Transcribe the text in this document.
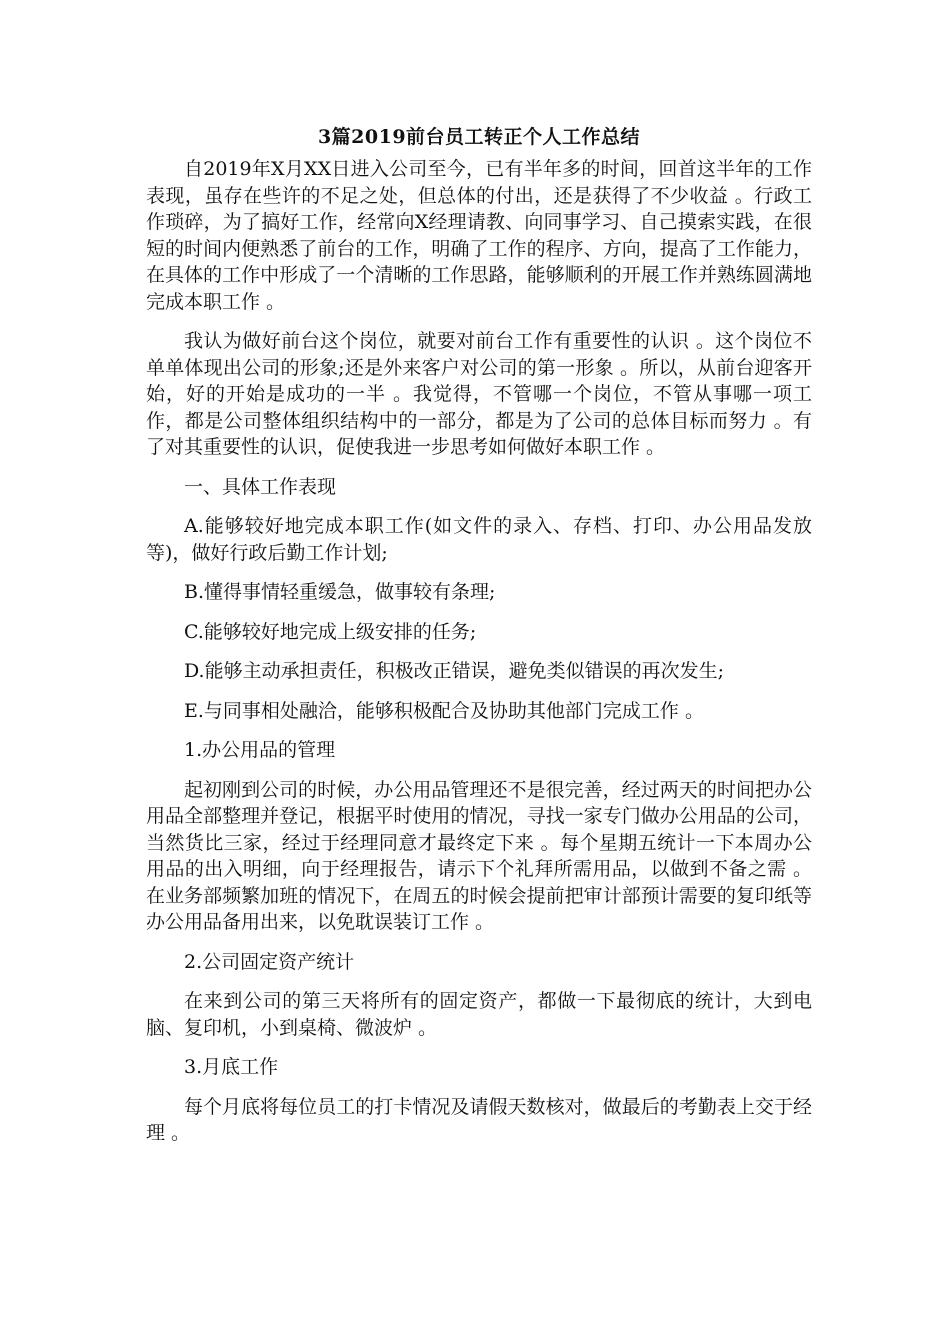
3篇2019前台员工转正个人工作总结

自2019年X月XX日进入公司至今，已有半年多的时间，回首这半年的工作表现，虽存在些许的不足之处，但总体的付出，还是获得了不少收益 。行政工作琐碎，为了搞好工作，经常向X经理请教、向同事学习、自己摸索实践，在很短的时间内便熟悉了前台的工作，明确了工作的程序、方向，提高了工作能力，在具体的工作中形成了一个清晰的工作思路，能够顺利的开展工作并熟练圆满地完成本职工作 。

我认为做好前台这个岗位，就要对前台工作有重要性的认识 。这个岗位不单单体现出公司的形象;还是外来客户对公司的第一形象 。所以，从前台迎客开始，好的开始是成功的一半 。我觉得，不管哪一个岗位，不管从事哪一项工作，都是公司整体组织结构中的一部分，都是为了公司的总体目标而努力 。有了对其重要性的认识，促使我进一步思考如何做好本职工作 。

一、具体工作表现

A.能够较好地完成本职工作(如文件的录入、存档、打印、办公用品发放等)，做好行政后勤工作计划;

B.懂得事情轻重缓急，做事较有条理;

C.能够较好地完成上级安排的任务;

D.能够主动承担责任，积极改正错误，避免类似错误的再次发生;

E.与同事相处融洽，能够积极配合及协助其他部门完成工作 。

1.办公用品的管理

起初刚到公司的时候，办公用品管理还不是很完善，经过两天的时间把办公用品全部整理并登记，根据平时使用的情况，寻找一家专门做办公用品的公司，当然货比三家，经过于经理同意才最终定下来 。每个星期五统计一下本周办公用品的出入明细，向于经理报告，请示下个礼拜所需用品，以做到不备之需 。在业务部频繁加班的情况下，在周五的时候会提前把审计部预计需要的复印纸等办公用品备用出来，以免耽误装订工作 。

2.公司固定资产统计

在来到公司的第三天将所有的固定资产，都做一下最彻底的统计，大到电脑、复印机，小到桌椅、微波炉 。

3.月底工作

每个月底将每位员工的打卡情况及请假天数核对，做最后的考勤表上交于经理 。
